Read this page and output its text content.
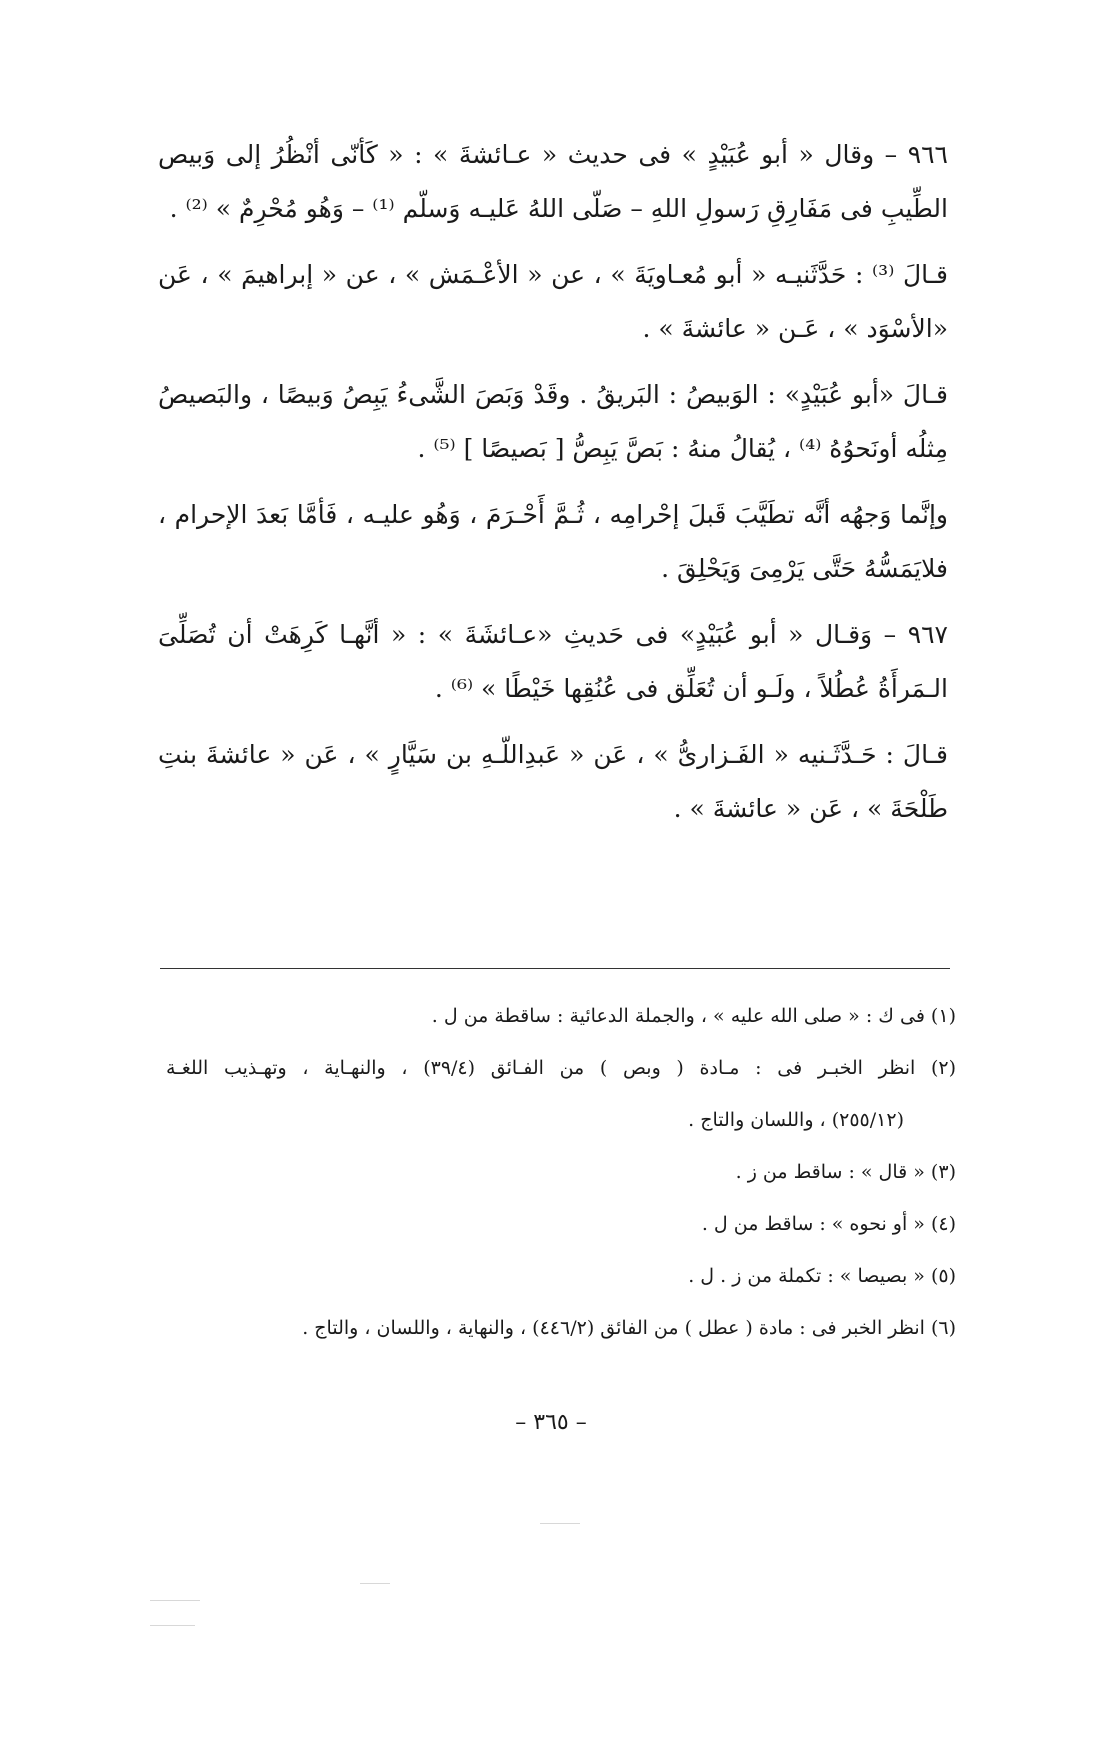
٩٦٦ – وقال « أبو عُبَيْدٍ » فى حديث « عـائشةَ » : « كَأنّى أنْظُرُ إلى وَبيص
الطِّيبِ فى مَفَارِقِ رَسولِ اللهِ – صَلّى اللهُ عَليـه وَسلّم ⁽¹⁾ – وَهُو مُحْرِمٌ » ⁽²⁾ .
قـالَ ⁽³⁾ : حَدَّثَنيـه « أبو مُعـاويَةَ » ، عن « الأعْـمَش » ، عن « إبراهيمَ » ، عَن
«الأسْوَد » ، عَـن « عائشةَ » .
قـالَ «أبو عُبَيْدٍ» : الوَبيصُ : البَريقُ . وقَدْ وَبَصَ الشَّىءُ يَبِصُ وَبيصًا ، والبَصيصُ
مِثلُه أونَحوُهُ ⁽⁴⁾ ، يُقالُ منهُ : بَصَّ يَبِصُّ [ بَصيصًا ] ⁽⁵⁾ .
وإنَّما وَجهُه أنَّه تطَيَّبَ قَبلَ إحْرامِه ، ثُـمَّ أَحْـرَمَ ، وَهُو عليـه ، فَأمَّا بَعدَ الإحرام ،
فلايَمَسُّهُ حَتَّى يَرْمِىَ وَيَحْلِقَ .
٩٦٧ – وَقـال « أبو عُبَيْدٍ» فى حَديثِ «عـائشَةَ » : « أنَّهـا كَرِهَتْ أن تُصَلِّىَ
الـمَرأَةُ عُطُلاً ، ولَـو أن تُعَلِّق فى عُنُقِها خَيْطًا » ⁽⁶⁾ .
قـالَ : حَـدَّثَـنيه « الفَـزارىُّ » ، عَن « عَبدِاللّـهِ بن سَيَّارٍ » ، عَن « عائشةَ بنتِ
طَلْحَةَ » ، عَن « عائشةَ » .
(١) فى ك : « صلى الله عليه » ، والجملة الدعائية : ساقطة من ل .
(٢) انظر الخبـر فى : مـادة ( وبص ) من الفـائق (٣٩/٤) ، والنهـاية ، وتهـذيب اللغـة
(٢٥٥/١٢) ، واللسان والتاج .
(٣) « قال » : ساقط من ز .
(٤) « أو نحوه » : ساقط من ل .
(٥) « بصيصا » : تكملة من ز . ل .
(٦) انظر الخبر فى : مادة ( عطل ) من الفائق (٤٤٦/٢) ، والنهاية ، واللسان ، والتاج .
– ٣٦٥ –
